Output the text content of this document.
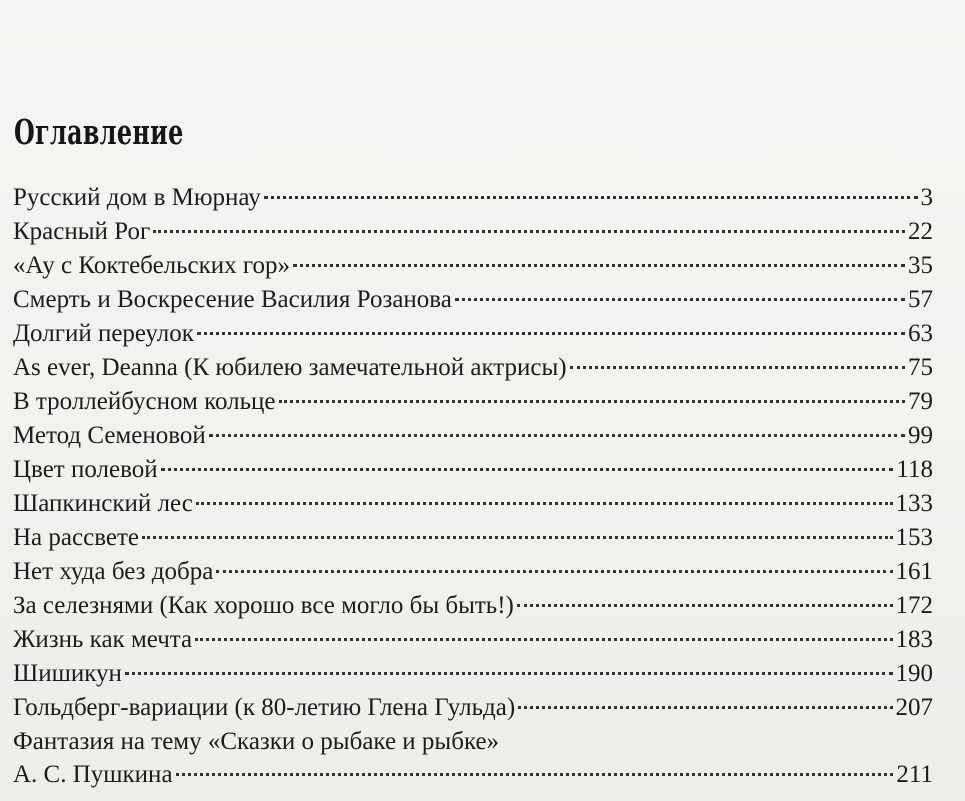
Оглавление
Русский дом в Мюрнау	3
Красный Рог	22
«Ау с Коктебельских гор»	35
Смерть и Воскресение Василия Розанова	57
Долгий переулок	63
As ever, Deanna (К юбилею замечательной актрисы)	75
В троллейбусном кольце	79
Метод Семеновой	99
Цвет полевой	118
Шапкинский лес	133
На рассвете	153
Нет худа без добра	161
За селезнями (Как хорошо все могло бы быть!)	172
Жизнь как мечта	183
Шишикун	190
Гольдберг-вариации (к 80-летию Глена Гульда)	207
Фантазия на тему «Сказки о рыбаке и рыбке»
А. С. Пушкина	211
